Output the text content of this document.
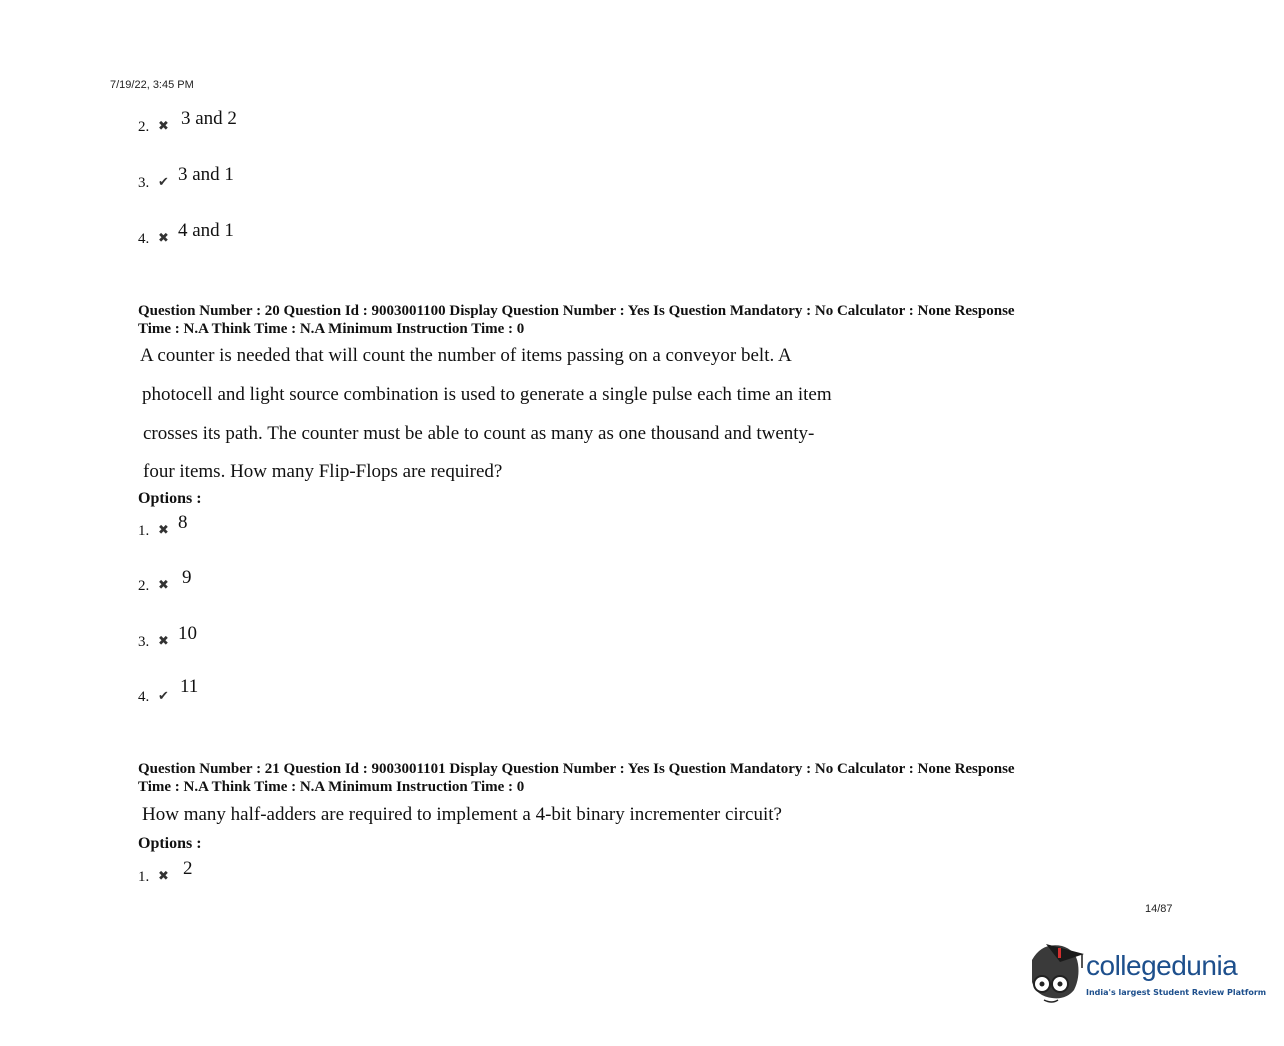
7/19/22, 3:45 PM
2. ✖ 3 and 2
3. ✔ 3 and 1
4. ✖ 4 and 1
Question Number : 20 Question Id : 9003001100 Display Question Number : Yes Is Question Mandatory : No Calculator : None Response
Time : N.A Think Time : N.A Minimum Instruction Time : 0
A counter is needed that will count the number of items passing on a conveyor belt. A
photocell and light source combination is used to generate a single pulse each time an item
crosses its path. The counter must be able to count as many as one thousand and twenty-
four items. How many Flip-Flops are required?
Options :
1. ✖ 8
2. ✖ 9
3. ✖ 10
4. ✔ 11
Question Number : 21 Question Id : 9003001101 Display Question Number : Yes Is Question Mandatory : No Calculator : None Response
Time : N.A Think Time : N.A Minimum Instruction Time : 0
How many half-adders are required to implement a 4-bit binary incrementer circuit?
Options :
1. ✖ 2
14/87
collegedunia
India's largest Student Review Platform
